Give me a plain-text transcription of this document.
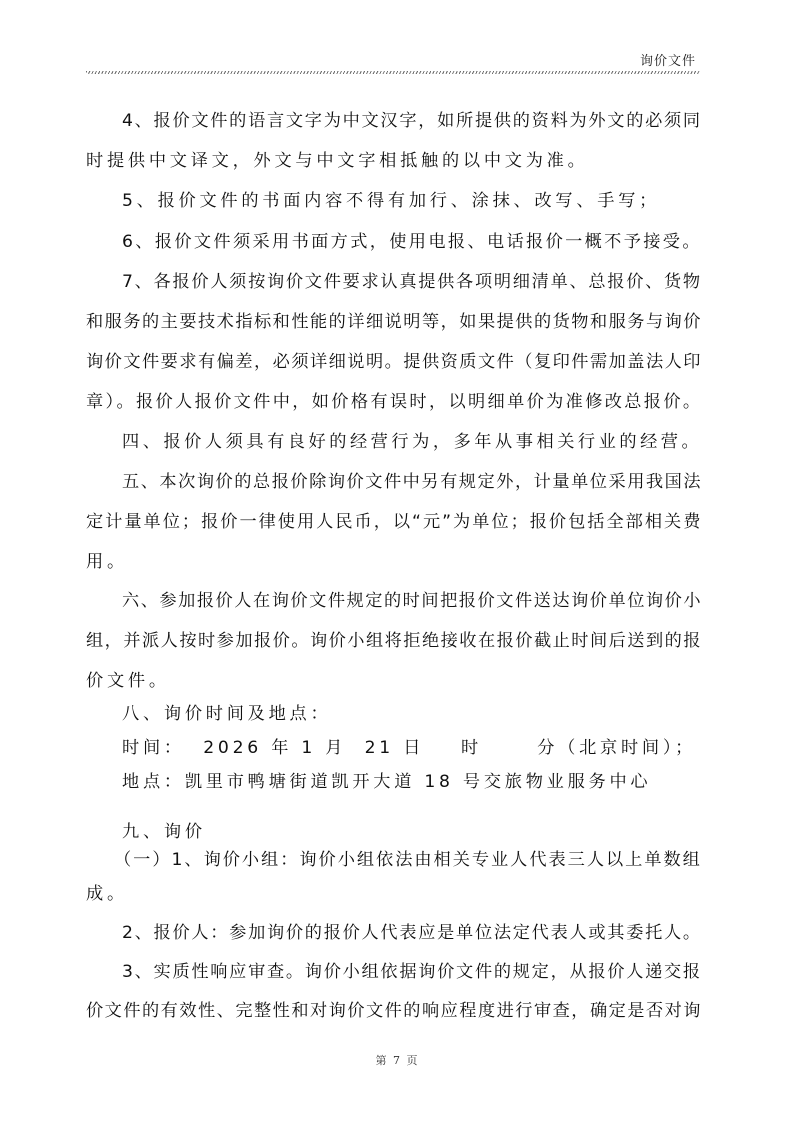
询价文件
4、报价文件的语言文字为中文汉字，如所提供的资料为外文的必须同
时提供中文译文，外文与中文字相抵触的以中文为准。
5、报价文件的书面内容不得有加行、涂抹、改写、手写；
6、报价文件须采用书面方式，使用电报、电话报价一概不予接受。
7、各报价人须按询价文件要求认真提供各项明细清单、总报价、货物
和服务的主要技术指标和性能的详细说明等，如果提供的货物和服务与询价
询价文件要求有偏差，必须详细说明。提供资质文件（复印件需加盖法人印
章）。报价人报价文件中，如价格有误时，以明细单价为准修改总报价。
四、报价人须具有良好的经营行为，多年从事相关行业的经营。
五、本次询价的总报价除询价文件中另有规定外，计量单位采用我国法
定计量单位；报价一律使用人民币，以“元”为单位；报价包括全部相关费
用。
六、参加报价人在询价文件规定的时间把报价文件送达询价单位询价小
组，并派人按时参加报价。询价小组将拒绝接收在报价截止时间后送到的报
价文件。
八、询价时间及地点：
时间：  2026 年 1 月  21 日    时      分（北京时间）；
地点：凯里市鸭塘街道凯开大道 18 号交旅物业服务中心
九、询价
（一）1、询价小组：询价小组依法由相关专业人代表三人以上单数组
成。
2、报价人：参加询价的报价人代表应是单位法定代表人或其委托人。
3、实质性响应审查。询价小组依据询价文件的规定，从报价人递交报
价文件的有效性、完整性和对询价文件的响应程度进行审查，确定是否对询
第 7 页
